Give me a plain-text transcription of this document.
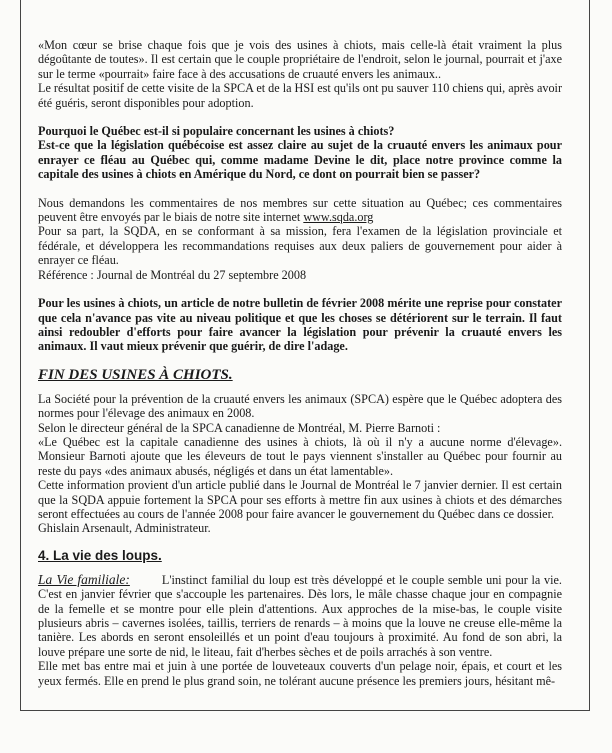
«Mon cœur se brise chaque fois que je vois des usines à chiots, mais celle-là était vraiment la plus dégoûtante de toutes». Il est certain que le couple propriétaire de l'endroit, selon le journal, pourrait et j'axe sur le terme «pourrait» faire face à des accusations de cruauté envers les animaux..

Le résultat positif de cette visite de la SPCA et de la HSI est qu'ils ont pu sauver 110 chiens qui, après avoir été guéris, seront disponibles pour adoption.

Pourquoi le Québec est-il si populaire concernant les usines à chiots?

Est-ce que la législation québécoise est assez claire au sujet de la cruauté envers les animaux pour enrayer ce fléau au Québec qui, comme madame Devine le dit, place notre province comme la capitale des usines à chiots en Amérique du Nord, ce dont on pourrait bien se passer?

Nous demandons les commentaires de nos membres sur cette situation au Québec; ces commentaires peuvent être envoyés par le biais de notre site internet www.sqda.org

Pour sa part, la SQDA, en se conformant à sa mission, fera l'examen de la législation provinciale et fédérale, et développera les recommandations requises aux deux paliers de gouvernement pour aider à enrayer ce fléau.

Référence : Journal de Montréal du 27 septembre 2008

Pour les usines à chiots, un article de notre bulletin de février 2008 mérite une reprise pour constater que cela n'avance pas vite au niveau politique et que les choses se détériorent sur le terrain. Il faut ainsi redoubler d'efforts pour faire avancer la législation pour prévenir la cruauté envers les animaux. Il vaut mieux prévenir que guérir, de dire l'adage.

FIN DES USINES À CHIOTS.

La Société pour la prévention de la cruauté envers les animaux (SPCA) espère que le Québec adoptera des normes pour l'élevage des animaux en 2008.

Selon le directeur général de la SPCA canadienne de Montréal, M. Pierre Barnoti :

«Le Québec est la capitale canadienne des usines à chiots, là où il n'y a aucune norme d'élevage». Monsieur Barnoti ajoute que les éleveurs de tout le pays viennent s'installer au Québec pour fournir au reste du pays «des animaux abusés, négligés et dans un état lamentable».

Cette information provient d'un article publié dans le Journal de Montréal le 7 janvier dernier. Il est certain que la SQDA appuie fortement la SPCA pour ses efforts à mettre fin aux usines à chiots et des démarches seront effectuées au cours de l'année 2008 pour faire avancer le gouvernement du Québec dans ce dossier.

Ghislain Arsenault, Administrateur.

4. La vie des loups.

La Vie familiale:	L'instinct familial du loup est très développé et le couple semble uni pour la vie. C'est en janvier février que s'accouple les partenaires. Dès lors, le mâle chasse chaque jour en compagnie de la femelle et se montre pour elle plein d'attentions. Aux approches de la mise-bas, le couple visite plusieurs abris – cavernes isolées, taillis, terriers de renards – à moins que la louve ne creuse elle-même la tanière. Les abords en seront ensoleillés et un point d'eau toujours à proximité. Au fond de son abri, la louve prépare une sorte de nid, le liteau, fait d'herbes sèches et de poils arrachés à son ventre.

Elle met bas entre mai et juin à une portée de louveteaux couverts d'un pelage noir, épais, et court et les yeux fermés. Elle en prend le plus grand soin, ne tolérant aucune présence les premiers jours, hésitant mê-
